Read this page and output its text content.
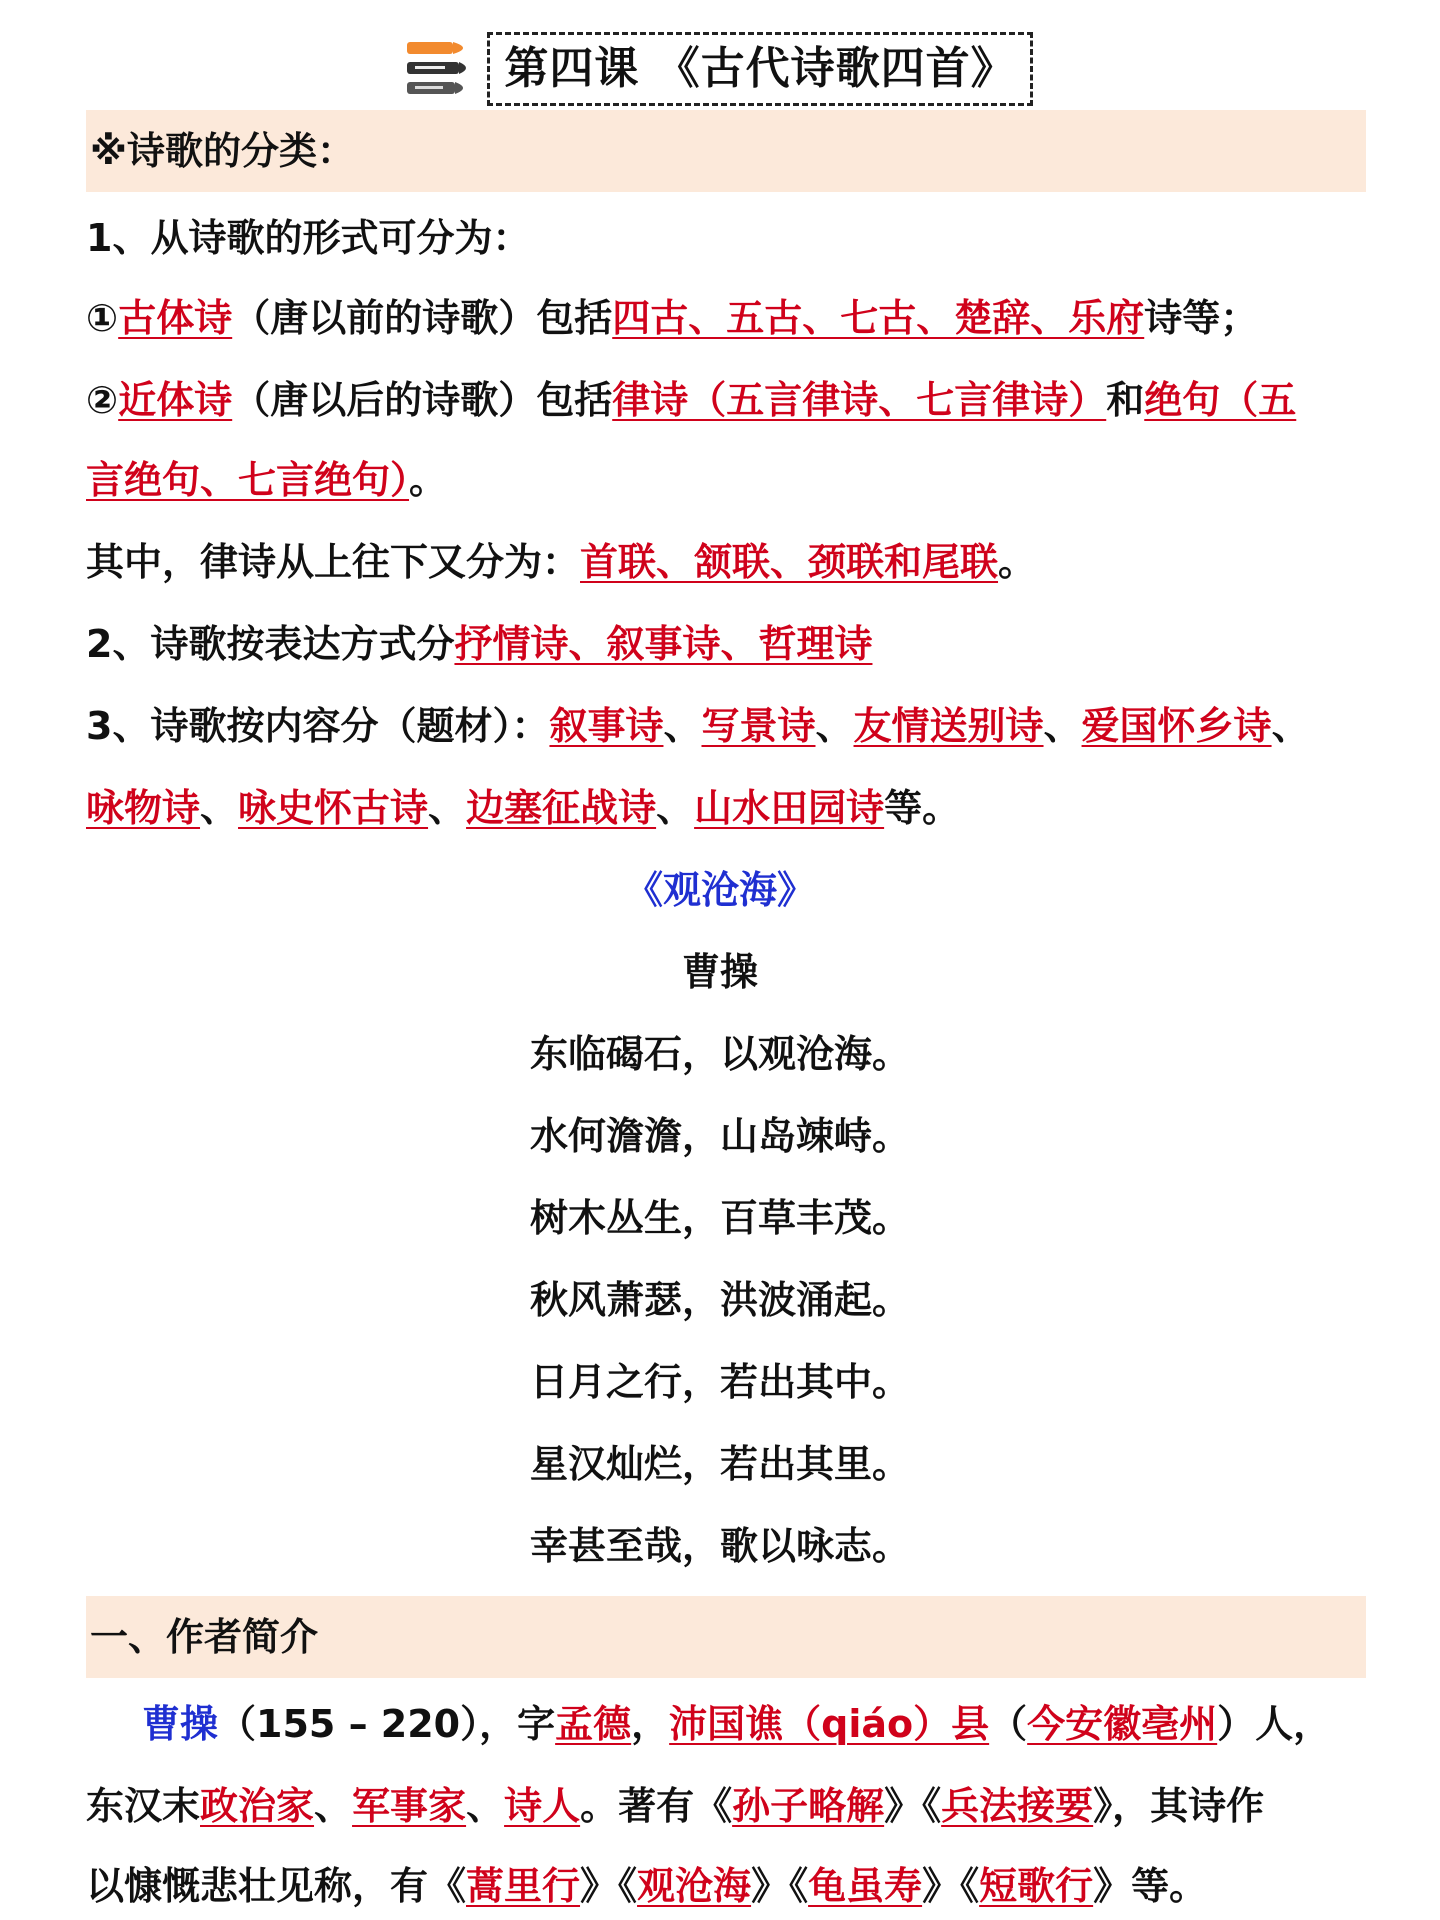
第四课 《古代诗歌四首》
※诗歌的分类：
1、从诗歌的形式可分为：
①古体诗（唐以前的诗歌）包括四古、五古、七古、楚辞、乐府诗等；
②近体诗（唐以后的诗歌）包括律诗（五言律诗、七言律诗）和绝句（五
言绝句、七言绝句）。
其中，律诗从上往下又分为：首联、颔联、颈联和尾联。
2、诗歌按表达方式分抒情诗、叙事诗、哲理诗
3、诗歌按内容分（题材）：叙事诗、写景诗、友情送别诗、爱国怀乡诗、
咏物诗、咏史怀古诗、边塞征战诗、山水田园诗等。
《观沧海》
曹操
东临碣石，以观沧海。
水何澹澹，山岛竦峙。
树木丛生，百草丰茂。
秋风萧瑟，洪波涌起。
日月之行，若出其中。
星汉灿烂，若出其里。
幸甚至哉，歌以咏志。
一、作者简介
曹操（155 – 220），字孟德，沛国谯（qiáo）县（今安徽亳州）人，
东汉末政治家、军事家、诗人。著有《孙子略解》《兵法接要》，其诗作
以慷慨悲壮见称，有《蒿里行》《观沧海》《龟虽寿》《短歌行》等。
